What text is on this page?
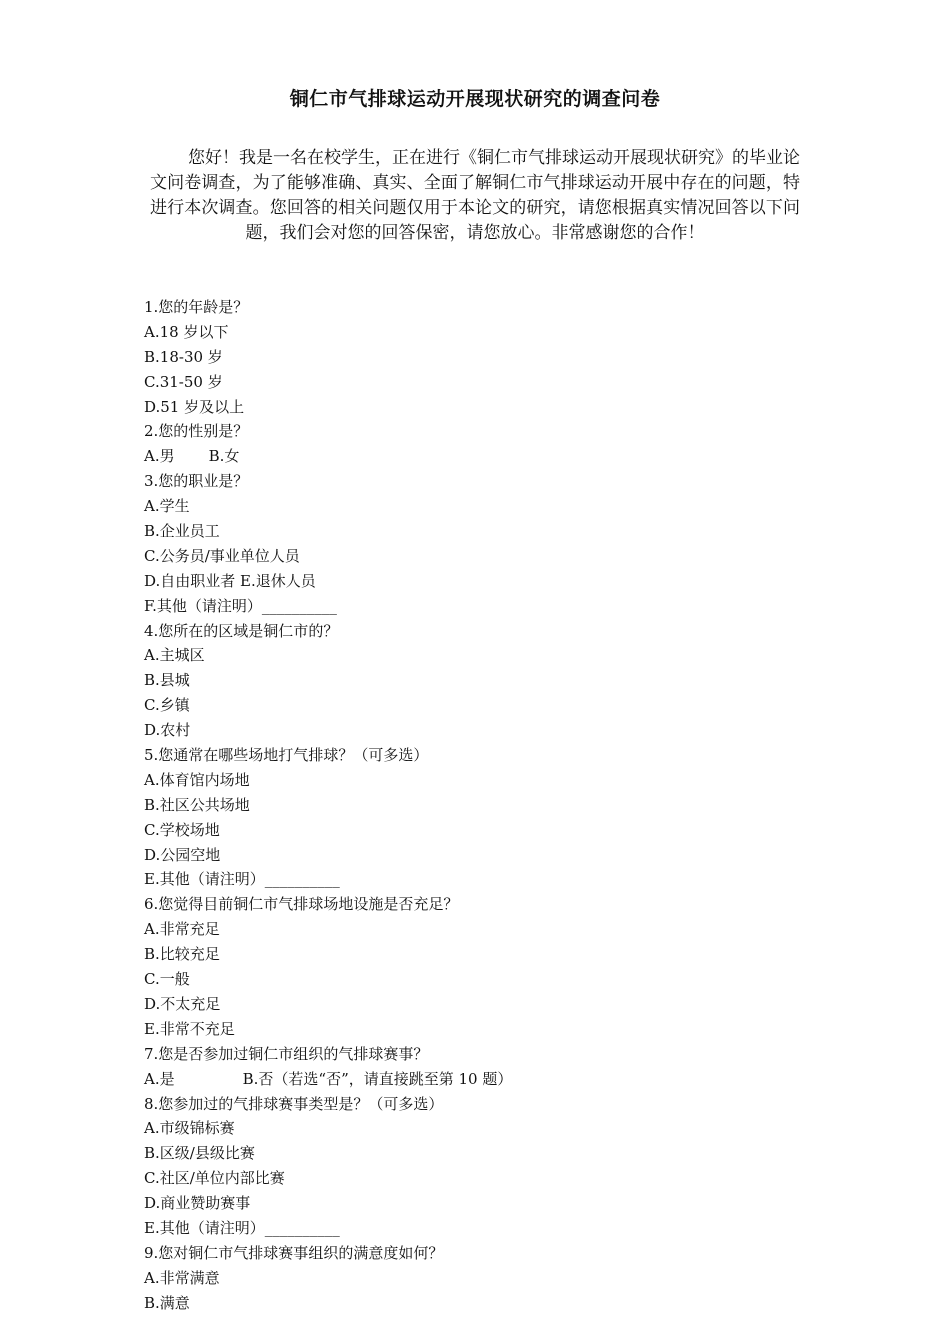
铜仁市气排球运动开展现状研究的调查问卷
您好！我是一名在校学生，正在进行《铜仁市气排球运动开展现状研究》的毕业论文问卷调查，为了能够准确、真实、全面了解铜仁市气排球运动开展中存在的问题，特进行本次调查。您回答的相关问题仅用于本论文的研究，请您根据真实情况回答以下问题，我们会对您的回答保密，请您放心。非常感谢您的合作！
1.您的年龄是？
A.18 岁以下
B.18-30 岁
C.31-50 岁
D.51 岁及以上
2.您的性别是？
A.男 B.女
3.您的职业是？
A.学生
B.企业员工
C.公务员/事业单位人员
D.自由职业者 E.退休人员
F.其他（请注明）__________
4.您所在的区域是铜仁市的？
A.主城区
B.县城
C.乡镇
D.农村
5.您通常在哪些场地打气排球？（可多选）
A.体育馆内场地
B.社区公共场地
C.学校场地
D.公园空地
E.其他（请注明）__________
6.您觉得目前铜仁市气排球场地设施是否充足？
A.非常充足
B.比较充足
C.一般
D.不太充足
E.非常不充足
7.您是否参加过铜仁市组织的气排球赛事？
A.是	B.否（若选“否”，请直接跳至第 10 题）
8.您参加过的气排球赛事类型是？（可多选）
A.市级锦标赛
B.区级/县级比赛
C.社区/单位内部比赛
D.商业赞助赛事
E.其他（请注明）__________
9.您对铜仁市气排球赛事组织的满意度如何？
A.非常满意
B.满意
